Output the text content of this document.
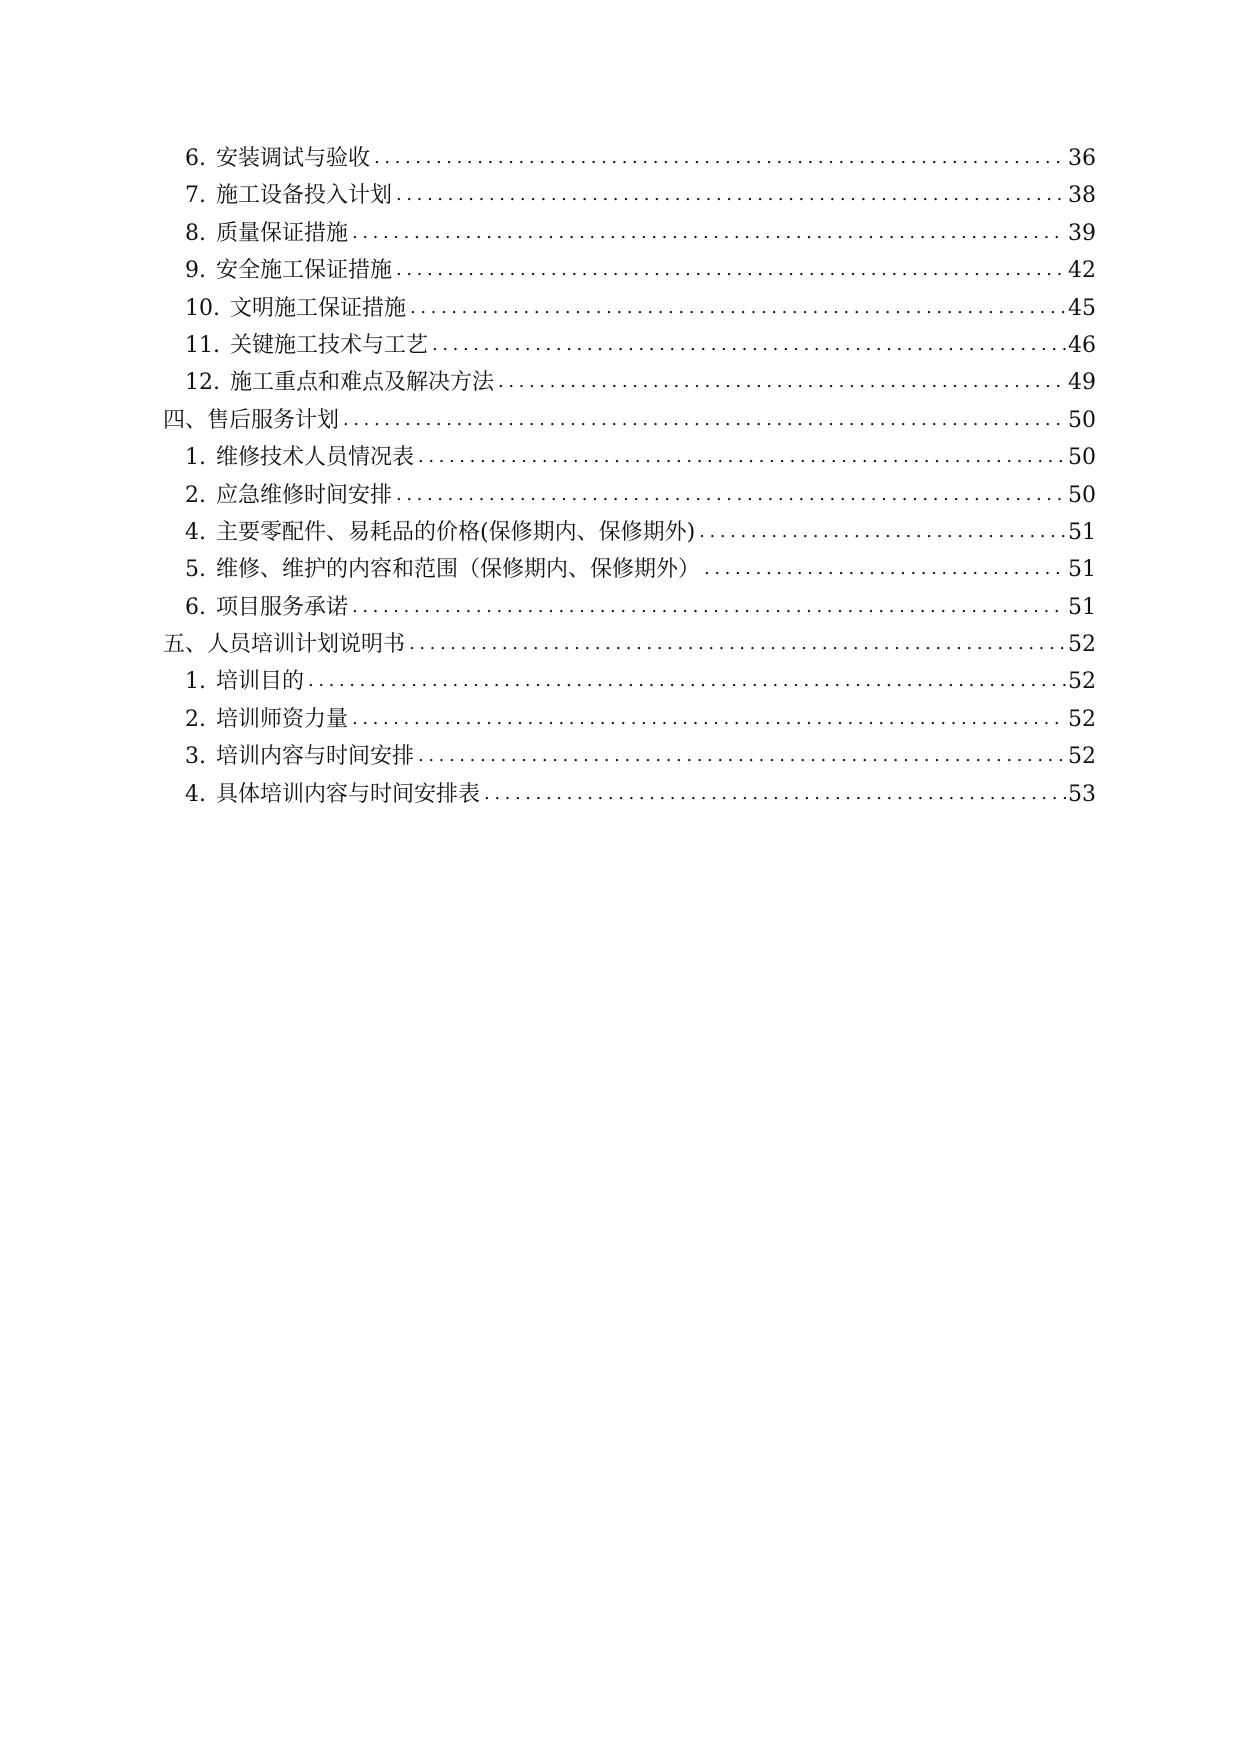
6. 安装调试与验收 .....	36
7. 施工设备投入计划 .....	38
8. 质量保证措施 .....	39
9. 安全施工保证措施 .....	42
10. 文明施工保证措施 .....	45
11. 关键施工技术与工艺 .....	46
12. 施工重点和难点及解决方法 .....	49
四、售后服务计划 .....	50
1. 维修技术人员情况表 .....	50
2. 应急维修时间安排 .....	50
4. 主要零配件、易耗品的价格(保修期内、保修期外) .....	51
5. 维修、维护的内容和范围（保修期内、保修期外） .....	51
6. 项目服务承诺 .....	51
五、人员培训计划说明书 .....	52
1. 培训目的 .....	52
2. 培训师资力量 .....	52
3. 培训内容与时间安排 .....	52
4. 具体培训内容与时间安排表 .....	53
